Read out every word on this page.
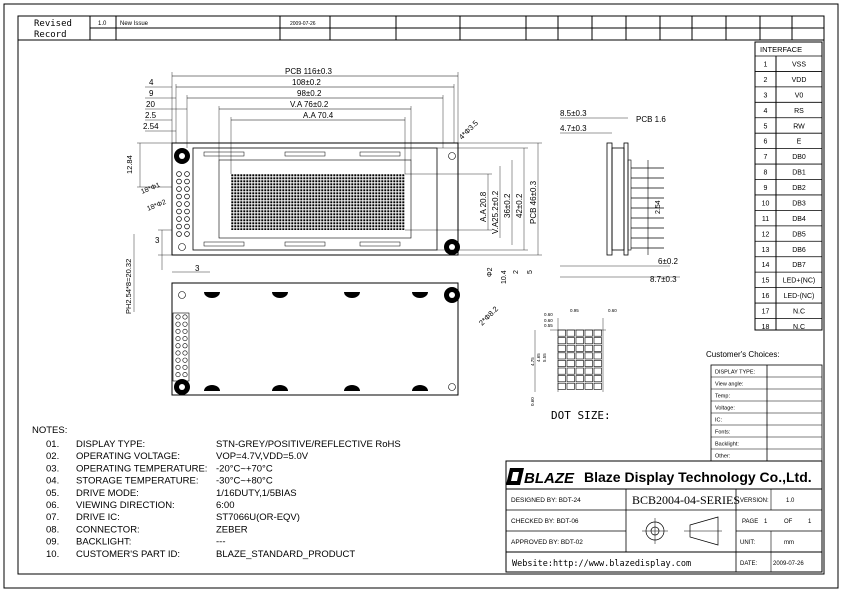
Revised
Record
1.0 New Issue	2009-07-26
INTERFACE
1	VSS
2	VDD
3	V0
4	RS
5	RW
6	E
7	DB0
8	DB1
9	DB2
10	DB3
11	DB4
12	DB5
13	DB6
14	DB7
15 LED+(NC)
16 LED-(NC)
17	N.C
18	N.C
PCB 116±0.3
108±0.2
98±0.2
V.A 76±0.2
A.A 70.4
4
9
20
2.5
2.54	4*Φ3.5
12.84
18*Φ1
18*Φ2
PH2.54*8=20.32
3
3
A.A 20.8 V.A25.2±0.2 36±0.2 42±0.2 PCB 46±0.3
Φ2 10.4 2 5
2*Φ8.2
8.5±0.3
4.7±0.3
PCB 1.6
2.54
6±0.2
8.7±0.3
0.60
0.95	0.60
0.60
0.55
4.75 4.65 5.55
0.60
DOT SIZE:
Customer's Choices:
DISPLAY TYPE:
View angle:
Temp:
Voltage:
IC:
Fonts:
Backlight:
Other:
NOTES:
01. DISPLAY TYPE:	STN-GREY/POSITIVE/REFLECTIVE RoHS
02. OPERATING VOLTAGE:	VOP=4.7V,VDD=5.0V
03. OPERATING TEMPERATURE: -20°C~+70°C
04. STORAGE TEMPERATURE: -30°C~+80°C
05. DRIVE MODE:	1/16DUTY,1/5BIAS
06. VIEWING DIRECTION:	6:00
07. DRIVE IC:	ST7066U(OR-EQV)
08. CONNECTOR:	ZEBER
09. BACKLIGHT:	---
10. CUSTOMER'S PART ID:	BLAZE_STANDARD_PRODUCT
BLAZE Blaze Display Technology Co.,Ltd.
DESIGNED BY: BDT-24
CHECKED BY: BDT-06
APPROVED BY: BDT-02
BCB2004-04-SERIES VERSION:	1.0
PAGE 1	OF	1
UNIT:	mm
DATE:	2009-07-26
Website:http://www.blazedisplay.com
